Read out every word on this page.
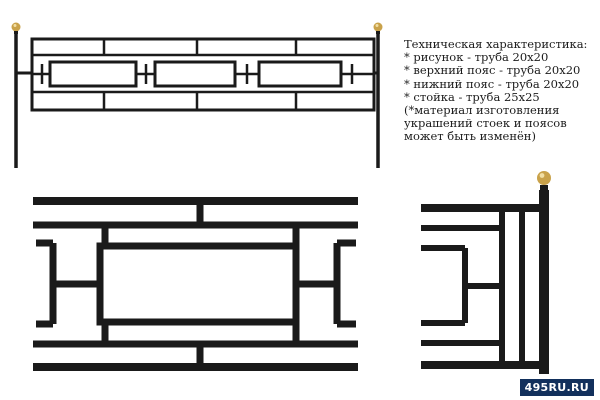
Техническая характеристика:

* рисунок - труба 20х20
* верхний пояс - труба 20х20
* нижний пояс - труба 20х20
* стойка - труба 25х25

(*материал изготовления украшений стоек и поясов может быть изменён)

495RU.RU
